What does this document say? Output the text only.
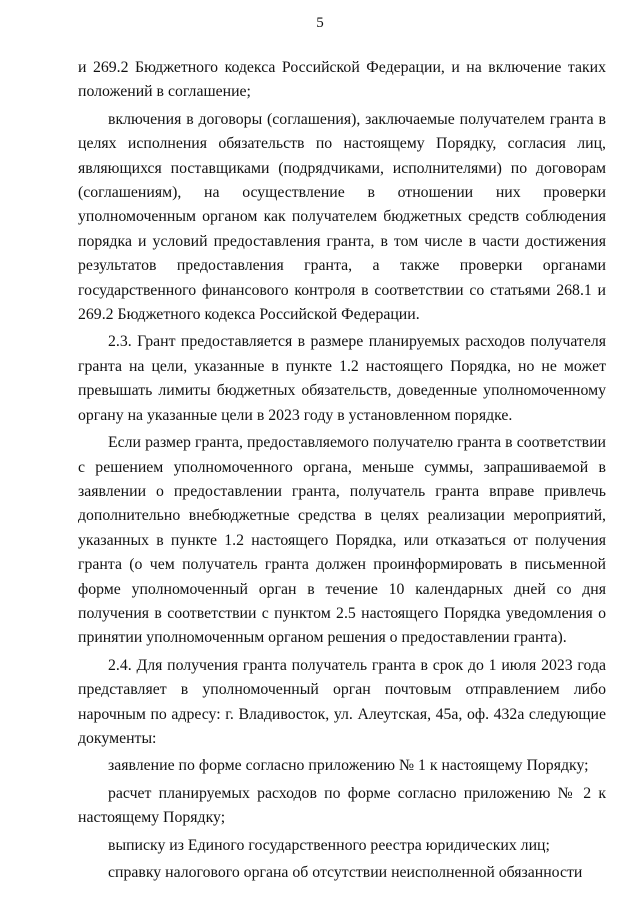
5

и 269.2 Бюджетного кодекса Российской Федерации, и на включение таких положений в соглашение;

включения в договоры (соглашения), заключаемые получателем гранта в целях исполнения обязательств по настоящему Порядку, согласия лиц, являющихся поставщиками (подрядчиками, исполнителями) по договорам (соглашениям), на осуществление в отношении них проверки уполномоченным органом как получателем бюджетных средств соблюдения порядка и условий предоставления гранта, в том числе в части достижения результатов предоставления гранта, а также проверки органами государственного финансового контроля в соответствии со статьями 268.1 и 269.2 Бюджетного кодекса Российской Федерации.

2.3. Грант предоставляется в размере планируемых расходов получателя гранта на цели, указанные в пункте 1.2 настоящего Порядка, но не может превышать лимиты бюджетных обязательств, доведенные уполномоченному органу на указанные цели в 2023 году в установленном порядке.

Если размер гранта, предоставляемого получателю гранта в соответствии с решением уполномоченного органа, меньше суммы, запрашиваемой в заявлении о предоставлении гранта, получатель гранта вправе привлечь дополнительно внебюджетные средства в целях реализации мероприятий, указанных в пункте 1.2 настоящего Порядка, или отказаться от получения гранта (о чем получатель гранта должен проинформировать в письменной форме уполномоченный орган в течение 10 календарных дней со дня получения в соответствии с пунктом 2.5 настоящего Порядка уведомления о принятии уполномоченным органом решения о предоставлении гранта).

2.4. Для получения гранта получатель гранта в срок до 1 июля 2023 года представляет в уполномоченный орган почтовым отправлением либо нарочным по адресу: г. Владивосток, ул. Алеутская, 45а, оф. 432а следующие документы:

заявление по форме согласно приложению № 1 к настоящему Порядку;

расчет планируемых расходов по форме согласно приложению № 2 к настоящему Порядку;

выписку из Единого государственного реестра юридических лиц;

справку налогового органа об отсутствии неисполненной обязанности
